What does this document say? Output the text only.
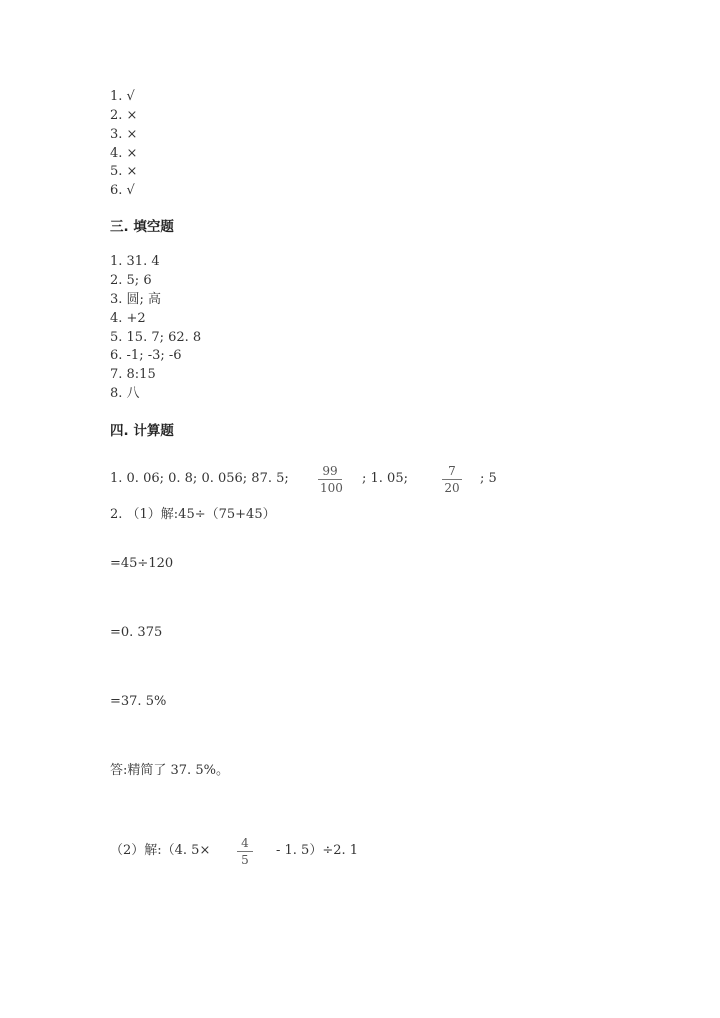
1. √
2. ×
3. ×
4. ×
5. ×
6. √
三. 填空题
1. 31. 4
2. 5; 6
3. 圆; 高
4. +2
5. 15. 7; 62. 8
6. -1; -3; -6
7. 8:15
8. 八
四. 计算题
1. 0. 06; 0. 8; 0. 056; 87. 5;	99
100
; 1. 05;	7
20
; 5
2. （1）解:45÷（75+45）
=45÷120
=0. 375
=37. 5%
答:精简了 37. 5%。
（2）解:（4. 5×	4
5
- 1. 5）÷2. 1
